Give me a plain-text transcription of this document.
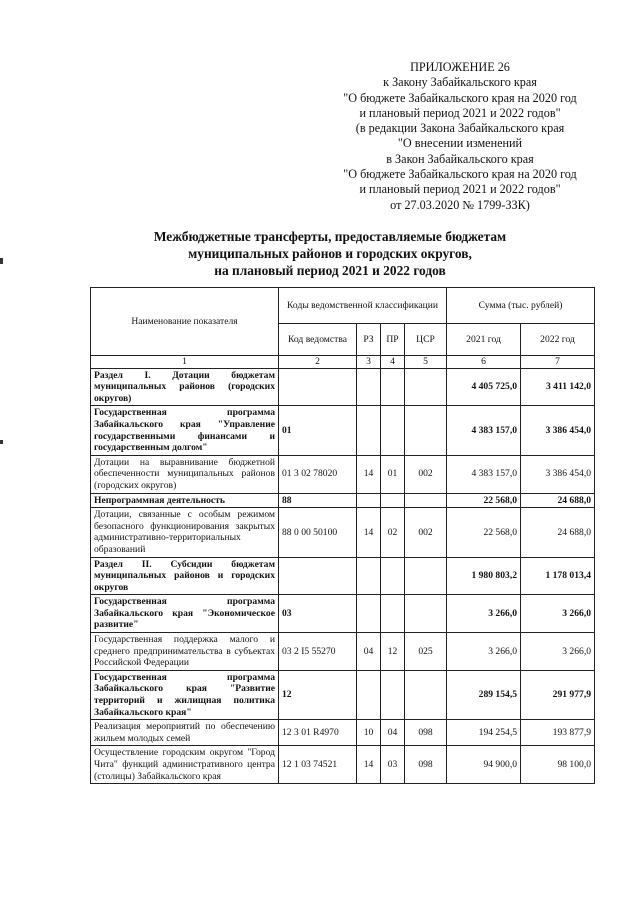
ПРИЛОЖЕНИЕ 26
к Закону Забайкальского края
"О бюджете Забайкальского края на 2020 год
и плановый период 2021 и 2022 годов"
(в редакции Закона Забайкальского края
"О внесении изменений
в Закон Забайкальского края
"О бюджете Забайкальского края на 2020 год
и плановый период 2021 и 2022 годов"
от 27.03.2020 № 1799-ЗЗК)
Межбюджетные трансферты, предоставляемые бюджетам
муниципальных районов и городских округов,
на плановый период 2021 и 2022 годов
Наименование показателя	Коды ведомственной классификации				Сумма (тыс. рублей)	
	Код ведомства	РЗ	ПР	ЦСР	2021 год	2022 год
1	2	3	4	5	6	7
Раздел I. Дотации бюджетам муниципальных районов (городских округов)					4 405 725,0	3 411 142,0
Государственная программа Забайкальского края "Управление государственными финансами и государственным долгом"	01				4 383 157,0	3 386 454,0
Дотации на выравнивание бюджетной обеспеченности муниципальных районов (городских округов)	01 3 02 78020	14	01	002	4 383 157,0	3 386 454,0
Непрограммная деятельность	88				22 568,0	24 688,0
Дотации, связанные с особым режимом безопасного функционирования закрытых административно-территориальных образований	88 0 00 50100	14	02	002	22 568,0	24 688,0
Раздел II. Субсидии бюджетам муниципальных районов и городских округов					1 980 803,2	1 178 013,4
Государственная программа Забайкальского края "Экономическое развитие"	03				3 266,0	3 266,0
Государственная поддержка малого и среднего предпринимательства в субъектах Российской Федерации	03 2 I5 55270	04	12	025	3 266,0	3 266,0
Государственная программа Забайкальского края "Развитие территорий и жилищная политика Забайкальского края"	12				289 154,5	291 977,9
Реализация мероприятий по обеспечению жильем молодых семей	12 3 01 R4970	10	04	098	194 254,5	193 877,9
Осуществление городским округом "Город Чита" функций административного центра (столицы) Забайкальского края	12 1 03 74521	14	03	098	94 900,0	98 100,0
